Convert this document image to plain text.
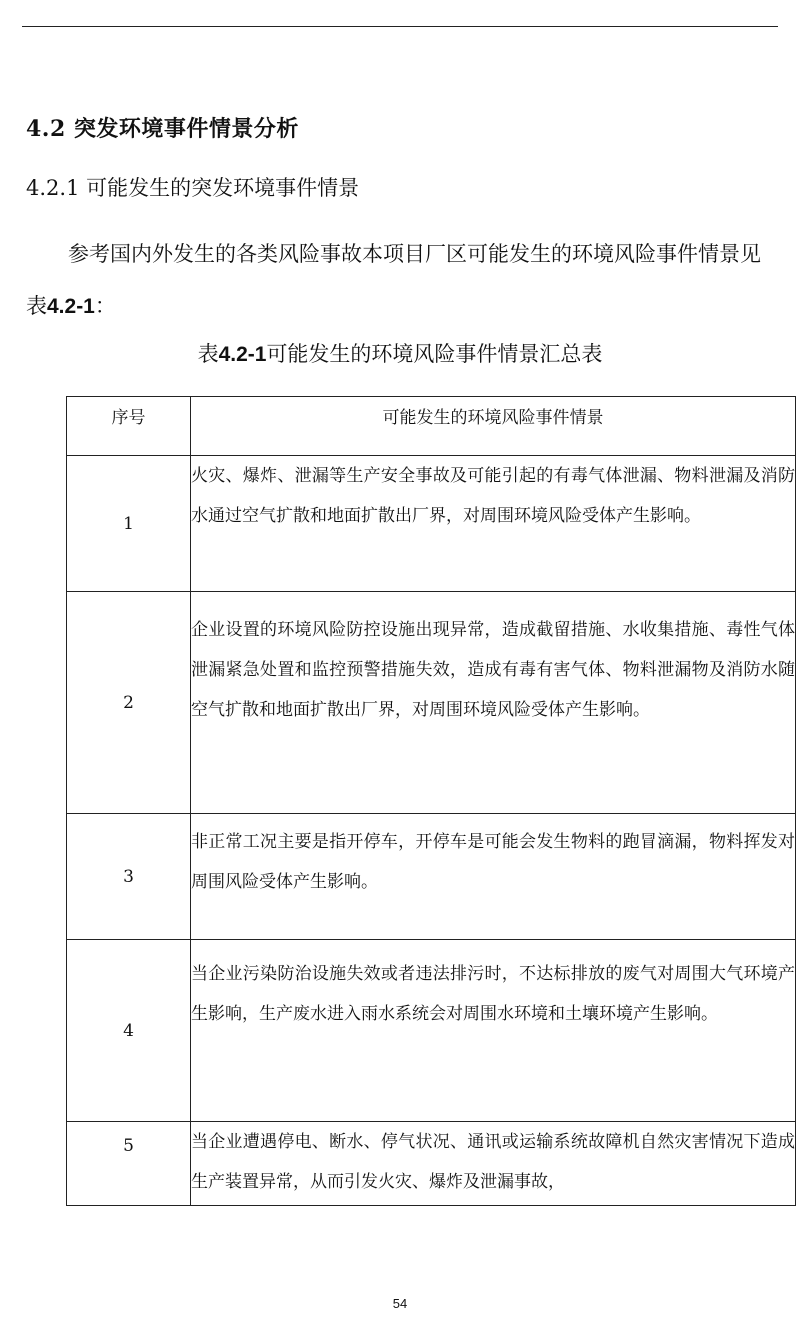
4.2 突发环境事件情景分析
4.2.1 可能发生的突发环境事件情景
参考国内外发生的各类风险事故本项目厂区可能发生的环境风险事件情景见表4.2-1：
表4.2-1可能发生的环境风险事件情景汇总表
序号	可能发生的环境风险事件情景
1	火灾、爆炸、泄漏等生产安全事故及可能引起的有毒气体泄漏、物料泄漏及消防水通过空气扩散和地面扩散出厂界，对周围环境风险受体产生影响。
2	企业设置的环境风险防控设施出现异常，造成截留措施、水收集措施、毒性气体泄漏紧急处置和监控预警措施失效，造成有毒有害气体、物料泄漏物及消防水随空气扩散和地面扩散出厂界，对周围环境风险受体产生影响。
3	非正常工况主要是指开停车，开停车是可能会发生物料的跑冒滴漏，物料挥发对周围风险受体产生影响。
4	当企业污染防治设施失效或者违法排污时，不达标排放的废气对周围大气环境产生影响，生产废水进入雨水系统会对周围水环境和土壤环境产生影响。
5	当企业遭遇停电、断水、停气状况、通讯或运输系统故障机自然灾害情况下造成生产装置异常，从而引发火灾、爆炸及泄漏事故，
54
